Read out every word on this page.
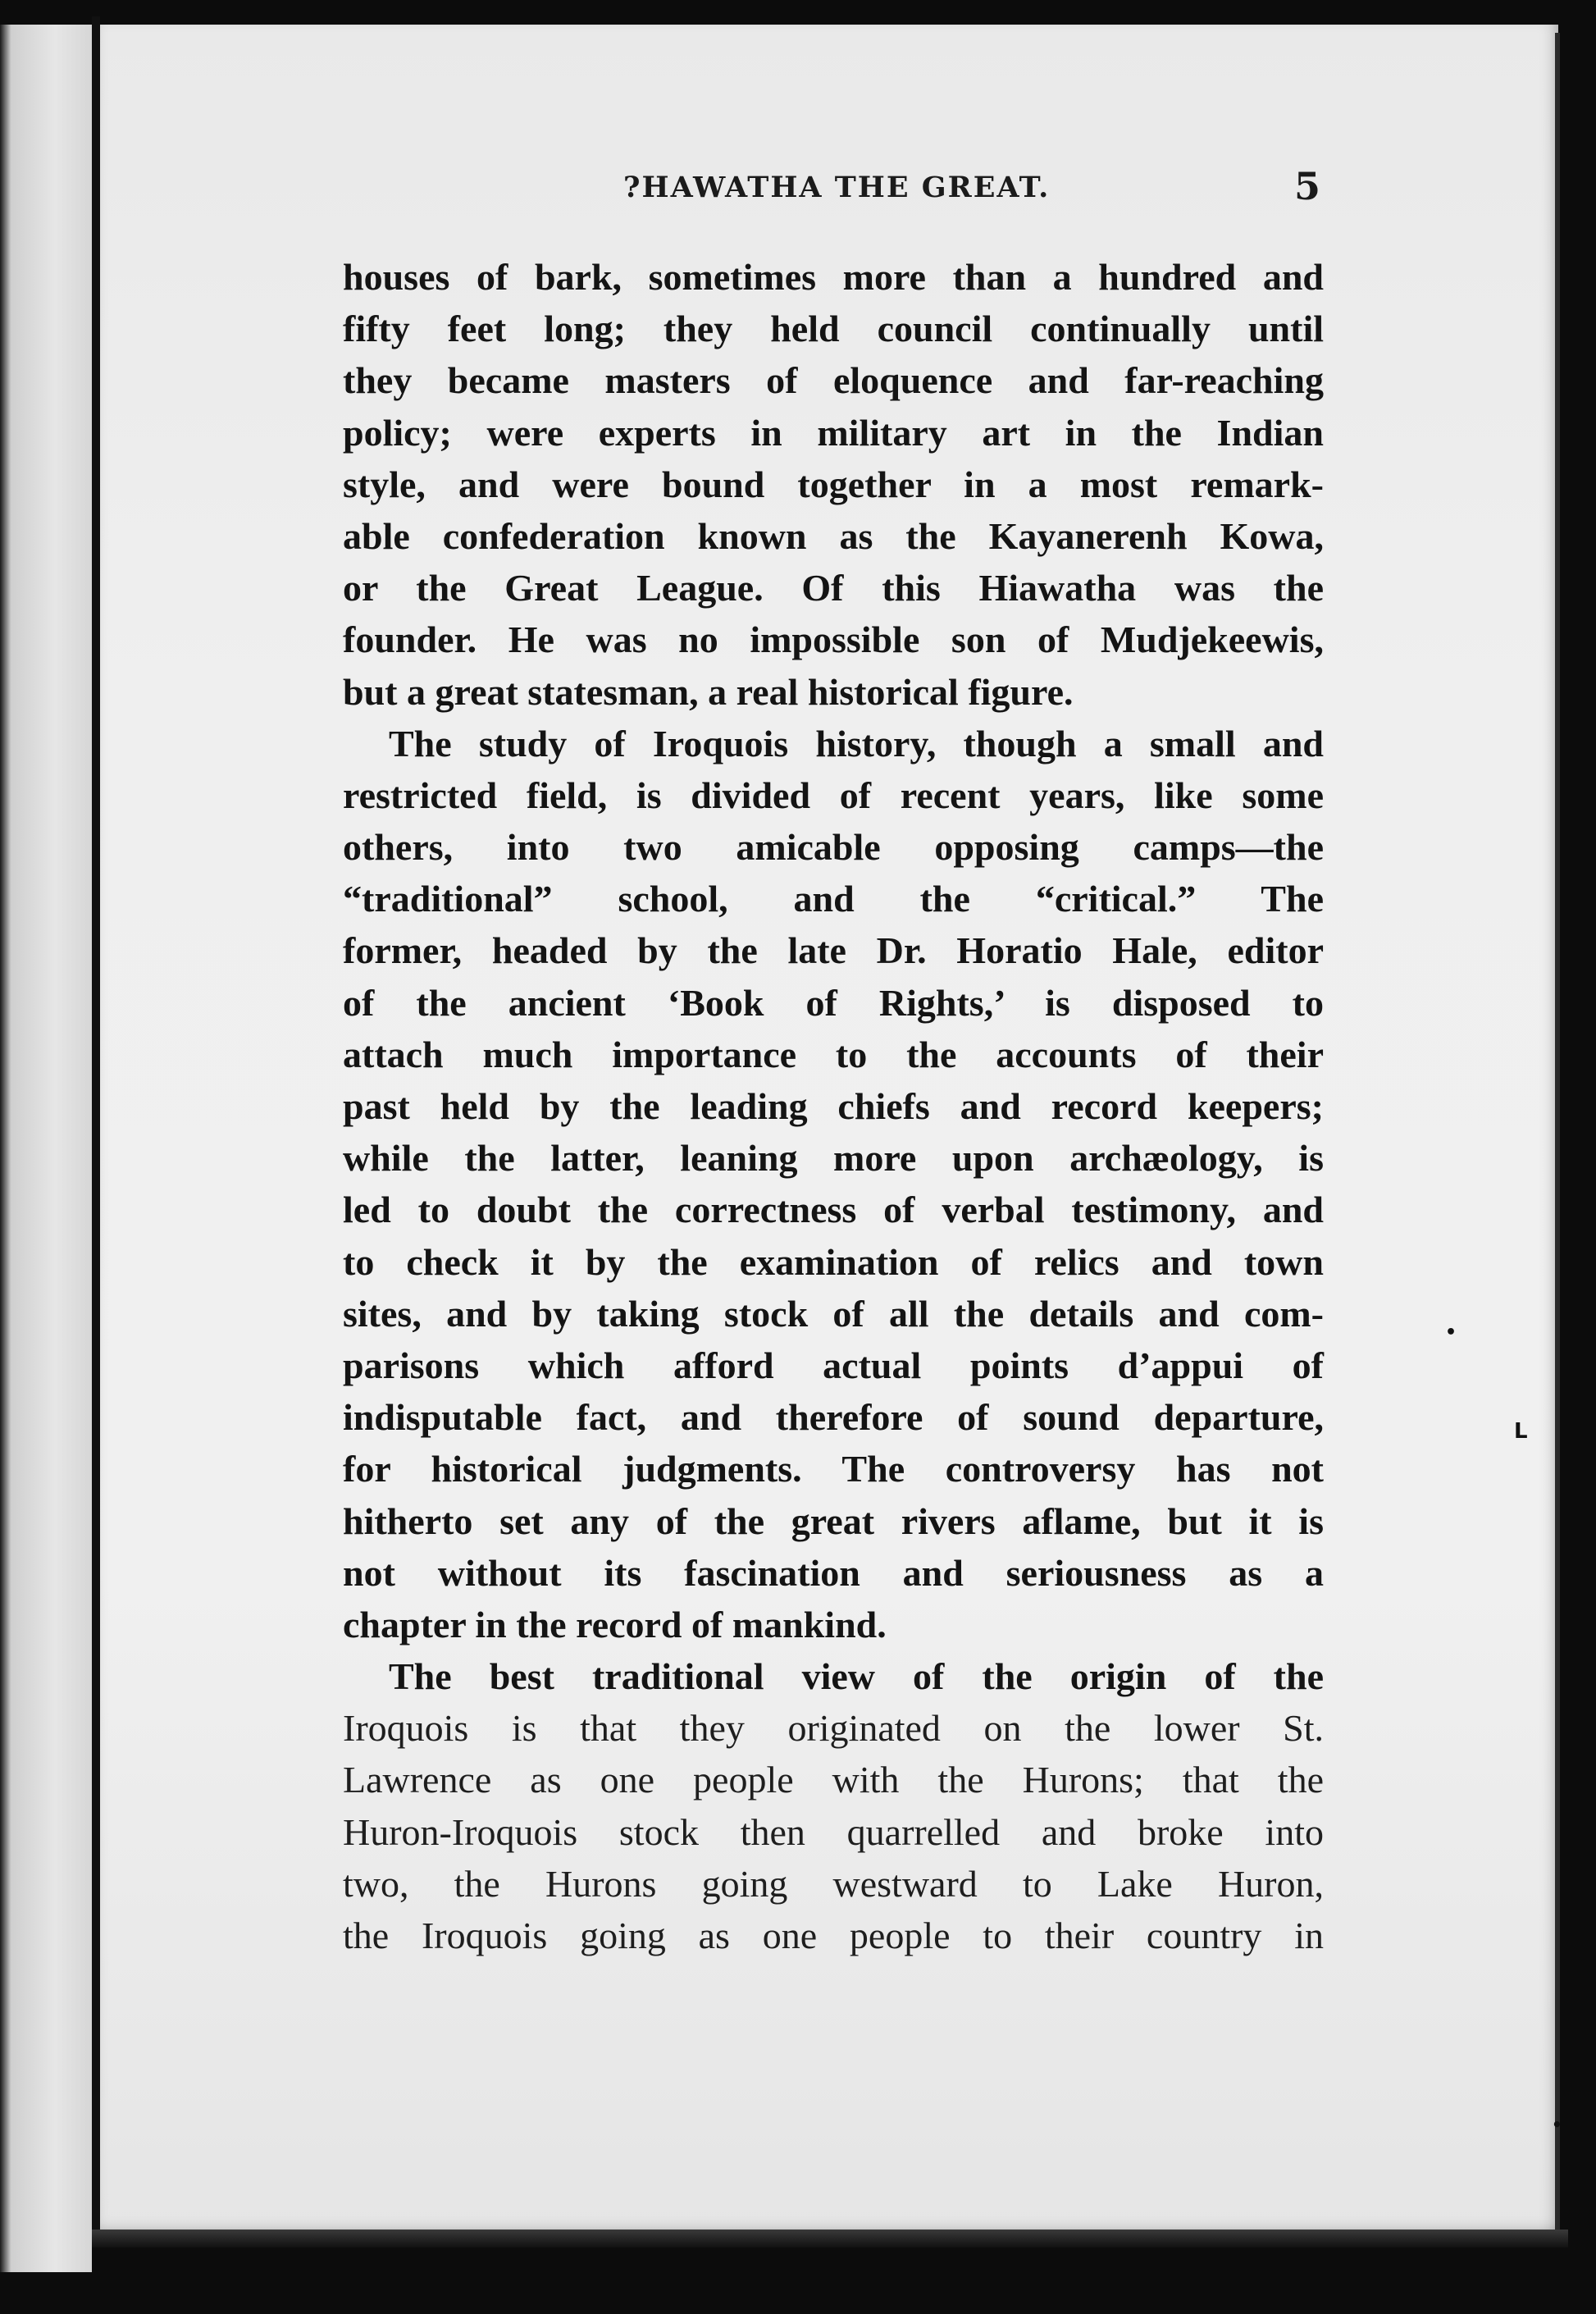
?HAWATHA THE GREAT.	5
houses of bark, sometimes more than a hundred and
fifty feet long; they held council continually until
they became masters of eloquence and far-reaching
policy; were experts in military art in the Indian
style, and were bound together in a most remark-
able confederation known as the Kayanerenh Kowa,
or the Great League. Of this Hiawatha was the
founder. He was no impossible son of Mudjekeewis,
but a great statesman, a real historical figure.
The study of Iroquois history, though a small and
restricted field, is divided of recent years, like some
others, into two amicable opposing camps—the
“traditional” school, and the “critical.” The
former, headed by the late Dr. Horatio Hale, editor
of the ancient ‘Book of Rights,’ is disposed to
attach much importance to the accounts of their
past held by the leading chiefs and record keepers;
while the latter, leaning more upon archæology, is
led to doubt the correctness of verbal testimony, and
to check it by the examination of relics and town
sites, and by taking stock of all the details and com-
parisons which afford actual points d’appui of
indisputable fact, and therefore of sound departure,
for historical judgments. The controversy has not
hitherto set any of the great rivers aflame, but it is
not without its fascination and seriousness as a
chapter in the record of mankind.
The best traditional view of the origin of the
Iroquois is that they originated on the lower St.
Lawrence as one people with the Hurons; that the
Huron-Iroquois stock then quarrelled and broke into
two, the Hurons going westward to Lake Huron,
the Iroquois going as one people to their country in
•
L
•
